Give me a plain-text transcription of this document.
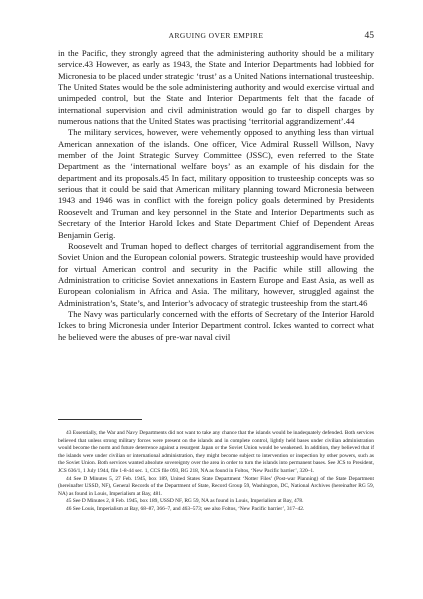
ARGUING OVER EMPIRE	45

in the Pacific, they strongly agreed that the administering authority should be a military service.43 However, as early as 1943, the State and Interior Departments had lobbied for Micronesia to be placed under strategic ‘trust’ as a United Nations international trusteeship. The United States would be the sole administering authority and would exercise virtual and unimpeded control, but the State and Interior Departments felt that the facade of international supervision and civil administration would go far to dispell charges by numerous nations that the United States was practising ‘territorial aggrandizement’.44

The military services, however, were vehemently opposed to anything less than virtual American annexation of the islands. One officer, Vice Admiral Russell Willson, Navy member of the Joint Strategic Survey Committee (JSSC), even referred to the State Department as the ‘international welfare boys’ as an example of his disdain for the department and its proposals.45 In fact, military opposition to trusteeship concepts was so serious that it could be said that American military planning toward Micronesia between 1943 and 1946 was in conflict with the foreign policy goals determined by Presidents Roosevelt and Truman and key personnel in the State and Interior Departments such as Secretary of the Interior Harold Ickes and State Department Chief of Dependent Areas Benjamin Gerig.

Roosevelt and Truman hoped to deflect charges of territorial aggrandisement from the Soviet Union and the European colonial powers. Strategic trusteeship would have provided for virtual American control and security in the Pacific while still allowing the Administration to criticise Soviet annexations in Eastern Europe and East Asia, as well as European colonialism in Africa and Asia. The military, however, struggled against the Administration’s, State’s, and Interior’s advocacy of strategic trusteeship from the start.46

The Navy was particularly concerned with the efforts of Secretary of the Interior Harold Ickes to bring Micronesia under Interior Department control. Ickes wanted to correct what he believed were the abuses of pre-war naval civil

43 Essentially, the War and Navy Departments did not want to take any chance that the islands would be inadequately defended. Both services believed that unless strong military forces were present on the islands and in complete control, lightly held bases under civilian administration would become the norm and future deterrence against a resurgent Japan or the Soviet Union would be weakened. In addition, they believed that if the islands were under civilian or international administration, they might become subject to intervention or inspection by other powers, such as the Soviet Union. Both services wanted absolute sovereignty over the area in order to turn the islands into permanent bases. See JCS to President, JCS 636/1, 1 July 1944, file 1-8-44 sec. 1, CCS file 093, RG 218, NA as found in Foltos, ‘New Pacific barrier’, 320–1.

44 See D Minutes 5, 27 Feb. 1945, box 189, United States State Department ‘Notter Files’ (Post-war Planning) of the State Department (hereinafter USSD, NF), General Records of the Department of State, Record Group 59, Washington, DC, National Archives (hereinafter RG 59, NA) as found in Louis, Imperialism at Bay, 481.

45 See D Minutes 2, 8 Feb. 1945, box 189, USSD NF, RG 59, NA as found in Louis, Imperialism at Bay, 478.

46 See Louis, Imperialism at Bay, 68–87, 366–7, and 463–573; see also Foltos, ‘New Pacific barrier’, 317–42.
